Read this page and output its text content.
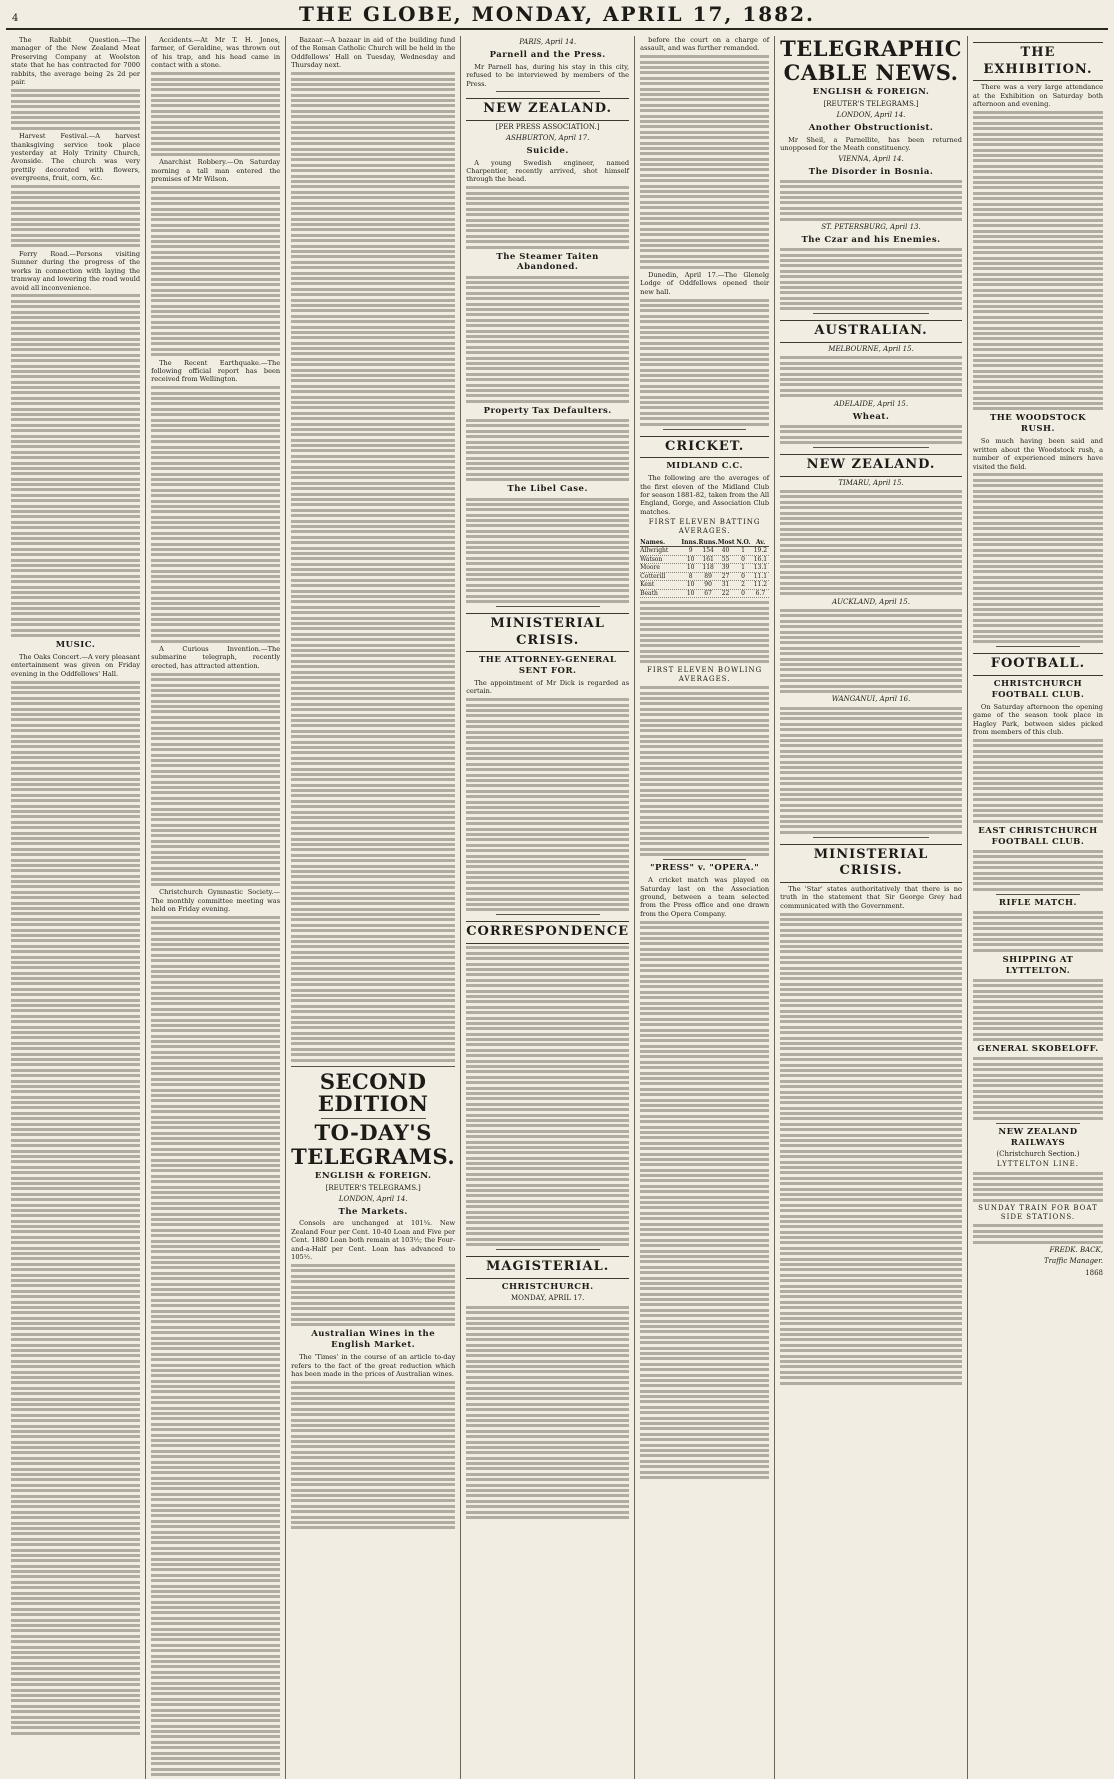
4	THE GLOBE, MONDAY, APRIL 17, 1882.

The Rabbit Question.—The manager of the New Zealand Meat Preserving Company at Woolston state that he has contracted for 7000 rabbits, the average being 2s 2d per pair.

Harvest Festival.—A harvest thanksgiving service took place yesterday at Holy Trinity Church, Avonside. The church was very prettily decorated with flowers, evergreens, fruit, corn, &c.

Ferry Road.—Persons visiting Sumner during the progress of the works in connection with laying the tramway and lowering the road would avoid all inconvenience.

MUSIC.

The Oaks Concert.—A very pleasant entertainment was given on Friday evening in the Oddfellows' Hall.

Accidents.—At Mr T. H. Jones, farmer, of Geraldine, was thrown out of his trap, and his head came in contact with a stone.

Anarchist Robbery.—On Saturday morning a tall man entered the premises of Mr Wilson.

The Recent Earthquake.—The following official report has been received from Wellington.

A Curious Invention.—The submarine telegraph, recently erected, has attracted attention.

Christchurch Gymnastic Society.—The monthly committee meeting was held on Friday evening.

Bazaar.—A bazaar in aid of the building fund of the Roman Catholic Church will be held in the Oddfellows' Hall on Tuesday, Wednesday and Thursday next.

SECOND EDITION
TO-DAY'S
TELEGRAMS.
ENGLISH & FOREIGN.
[REUTER'S TELEGRAMS.]
LONDON, April 14.
The Markets.

Consols are unchanged at 101¼. New Zealand Four per Cent. 10-40 Loan and Five per Cent. 1880 Loan both remain at 103½; the Four-and-a-Half per Cent. Loan has advanced to 105½.

Australian Wines in the English Market.

The 'Times' in the course of an article to-day refers to the fact of the great reduction which has been made in the prices of Australian wines.

PARIS, April 14.
Parnell and the Press.

Mr Parnell has, during his stay in this city, refused to be interviewed by members of the Press.

NEW ZEALAND.
[PER PRESS ASSOCIATION.]
ASHBURTON, April 17.
Suicide.

A young Swedish engineer, named Charpentier, recently arrived, shot himself through the head.

The Steamer Taiten Abandoned.
Property Tax Defaulters.
The Libel Case.
MINISTERIAL CRISIS.
THE ATTORNEY-GENERAL SENT FOR.

The appointment of Mr Dick is regarded as certain.

CORRESPONDENCE
MAGISTERIAL.
CHRISTCHURCH.
MONDAY, APRIL 17.

before the court on a charge of assault, and was further remanded.

Dunedin, April 17.—The Glenelg Lodge of Oddfellows opened their new hall.

CRICKET.
MIDLAND C.C.

The following are the averages of the first eleven of the Midland Club for season 1881-82, taken from the All England, Gorge, and Association Club matches.

FIRST ELEVEN BATTING AVERAGES.
Names.	Inns. Runs. Most N.O. Av.
Allwright	9	154	40	1	19.2
Watson	10	161	55	0	16.1
Moore	10	118	39	1	13.1
Cotterill	8	89	27	0	11.1
Kent	10	90	31	2	11.2
Beath	10	67	22	0	6.7
FIRST ELEVEN BOWLING AVERAGES.
"PRESS" v. "OPERA."

A cricket match was played on Saturday last on the Association ground, between a team selected from the Press office and one drawn from the Opera Company.

TELEGRAPHIC
CABLE NEWS.
ENGLISH & FOREIGN.
[REUTER'S TELEGRAMS.]
LONDON, April 14.
Another Obstructionist.

Mr Sheil, a Parnellite, has been returned unopposed for the Meath constituency.

VIENNA, April 14.
The Disorder in Bosnia.
ST. PETERSBURG, April 13.
The Czar and his Enemies.
AUSTRALIAN.
MELBOURNE, April 15.
ADELAIDE, April 15.
Wheat.
NEW ZEALAND.
TIMARU, April 15.
AUCKLAND, April 15.
WANGANUI, April 16.
MINISTERIAL CRISIS.

The 'Star' states authoritatively that there is no truth in the statement that Sir George Grey had communicated with the Government.

THE EXHIBITION.

There was a very large attendance at the Exhibition on Saturday both afternoon and evening.

THE WOODSTOCK RUSH.

So much having been said and written about the Woodstock rush, a number of experienced miners have visited the field.

FOOTBALL.
CHRISTCHURCH FOOTBALL CLUB.

On Saturday afternoon the opening game of the season took place in Hagley Park, between sides picked from members of this club.

EAST CHRISTCHURCH FOOTBALL CLUB.
RIFLE MATCH.
SHIPPING AT LYTTELTON.
GENERAL SKOBELOFF.
NEW ZEALAND RAILWAYS
(Christchurch Section.)
LYTTELTON LINE.
SUNDAY TRAIN FOR BOAT SIDE STATIONS.
FREDK. BACK,
Traffic Manager.
1868
